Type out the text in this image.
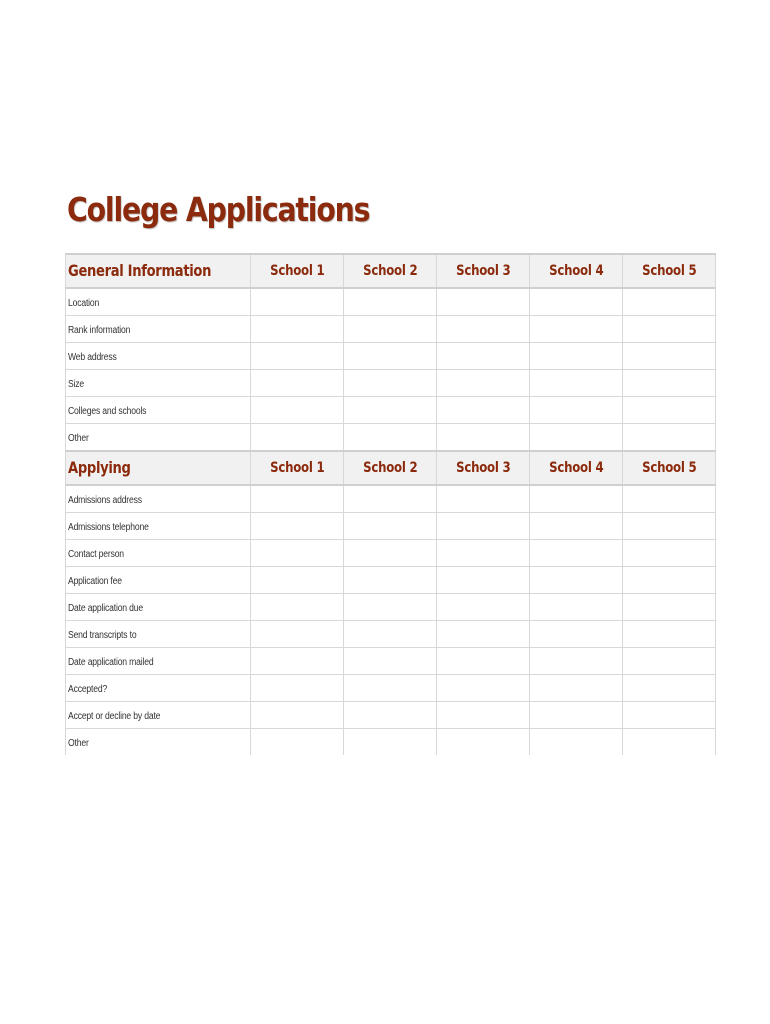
College Applications
General Information	School 1	School 2	School 3	School 4	School 5
Location					
Rank information					
Web address					
Size					
Colleges and schools					
Other					
Applying	School 1	School 2	School 3	School 4	School 5
Admissions address					
Admissions telephone					
Contact person					
Application fee					
Date application due					
Send transcripts to					
Date application mailed					
Accepted?					
Accept or decline by date					
Other					
